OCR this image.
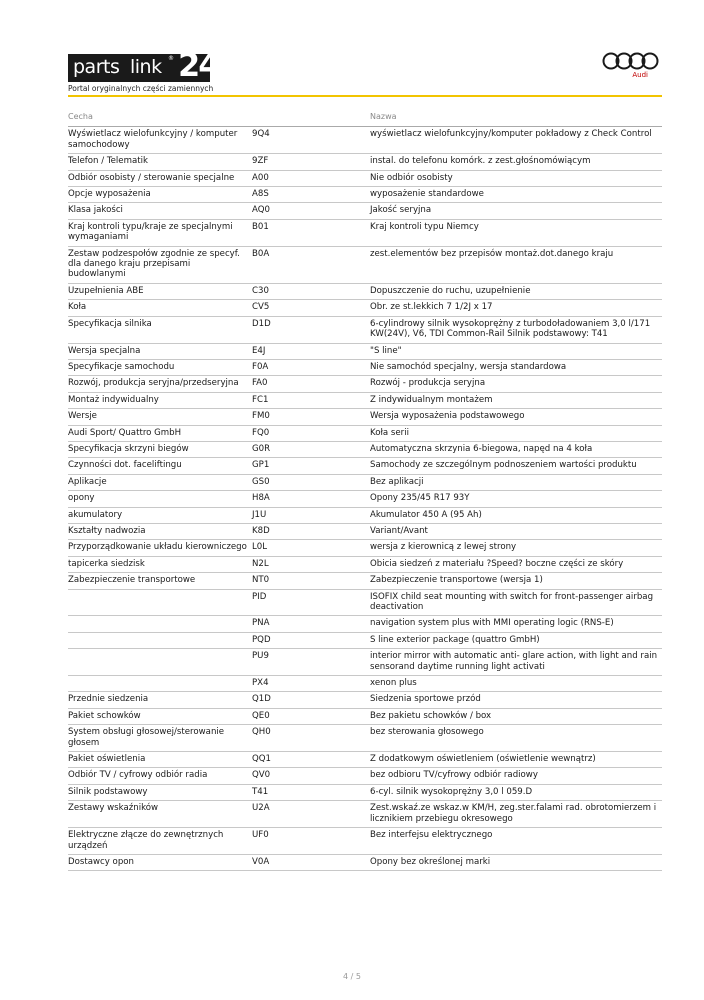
parts link ® 24
Portal oryginalnych części zamiennych
Audi
Cecha		Nazwa
Wyświetlacz wielofunkcyjny / komputer samochodowy	9Q4	wyświetlacz wielofunkcyjny/komputer pokładowy z Check Control
Telefon / Telematik	9ZF	instal. do telefonu komórk. z zest.głośnomówiącym
Odbiór osobisty / sterowanie specjalne	A00	Nie odbiór osobisty
Opcje wyposażenia	A8S	wyposażenie standardowe
Klasa jakości	AQ0	Jakość seryjna
Kraj kontroli typu/kraje ze specjalnymi wymaganiami	B01	Kraj kontroli typu Niemcy
Zestaw podzespołów zgodnie ze specyf. dla danego kraju przepisami budowlanymi	B0A	zest.elementów bez przepisów montaż.dot.danego kraju
Uzupełnienia ABE	C30	Dopuszczenie do ruchu, uzupełnienie
Koła	CV5	Obr. ze st.lekkich 7 1/2J x 17
Specyfikacja silnika	D1D	6-cylindrowy silnik wysokoprężny z turbodoładowaniem 3,0 l/171 KW(24V), V6, TDI Common-Rail Silnik podstawowy: T41
Wersja specjalna	E4J	"S line"
Specyfikacje samochodu	F0A	Nie samochód specjalny, wersja standardowa
Rozwój, produkcja seryjna/przedseryjna	FA0	Rozwój - produkcja seryjna
Montaż indywidualny	FC1	Z indywidualnym montażem
Wersje	FM0	Wersja wyposażenia podstawowego
Audi Sport/ Quattro GmbH	FQ0	Koła serii
Specyfikacja skrzyni biegów	G0R	Automatyczna skrzynia 6-biegowa, napęd na 4 koła
Czynności dot. faceliftingu	GP1	Samochody ze szczególnym podnoszeniem wartości produktu
Aplikacje	GS0	Bez aplikacji
opony	H8A	Opony 235/45 R17 93Y
akumulatory	J1U	Akumulator 450 A (95 Ah)
Kształty nadwozia	K8D	Variant/Avant
Przyporządkowanie układu kierowniczego	L0L	wersja z kierownicą z lewej strony
tapicerka siedzisk	N2L	Obicia siedzeń z materiału ?Speed? boczne części ze skóry
Zabezpieczenie transportowe	NT0	Zabezpieczenie transportowe (wersja 1)
	PID	ISOFIX child seat mounting with switch for front-passenger airbag deactivation
	PNA	navigation system plus with MMI operating logic (RNS-E)
	PQD	S line exterior package (quattro GmbH)
	PU9	interior mirror with automatic anti- glare action, with light and rain sensorand daytime running light activati
	PX4	xenon plus
Przednie siedzenia	Q1D	Siedzenia sportowe przód
Pakiet schowków	QE0	Bez pakietu schowków / box
System obsługi głosowej/sterowanie głosem	QH0	bez sterowania głosowego
Pakiet oświetlenia	QQ1	Z dodatkowym oświetleniem (oświetlenie wewnątrz)
Odbiór TV / cyfrowy odbiór radia	QV0	bez odbioru TV/cyfrowy odbiór radiowy
Silnik podstawowy	T41	6-cyl. silnik wysokoprężny 3,0 l 059.D
Zestawy wskaźników	U2A	Zest.wskaź.ze wskaz.w KM/H, zeg.ster.falami rad. obrotomierzem i licznikiem przebiegu okresowego
Elektryczne złącze do zewnętrznych urządzeń	UF0	Bez interfejsu elektrycznego
Dostawcy opon	V0A	Opony bez określonej marki
4 / 5
